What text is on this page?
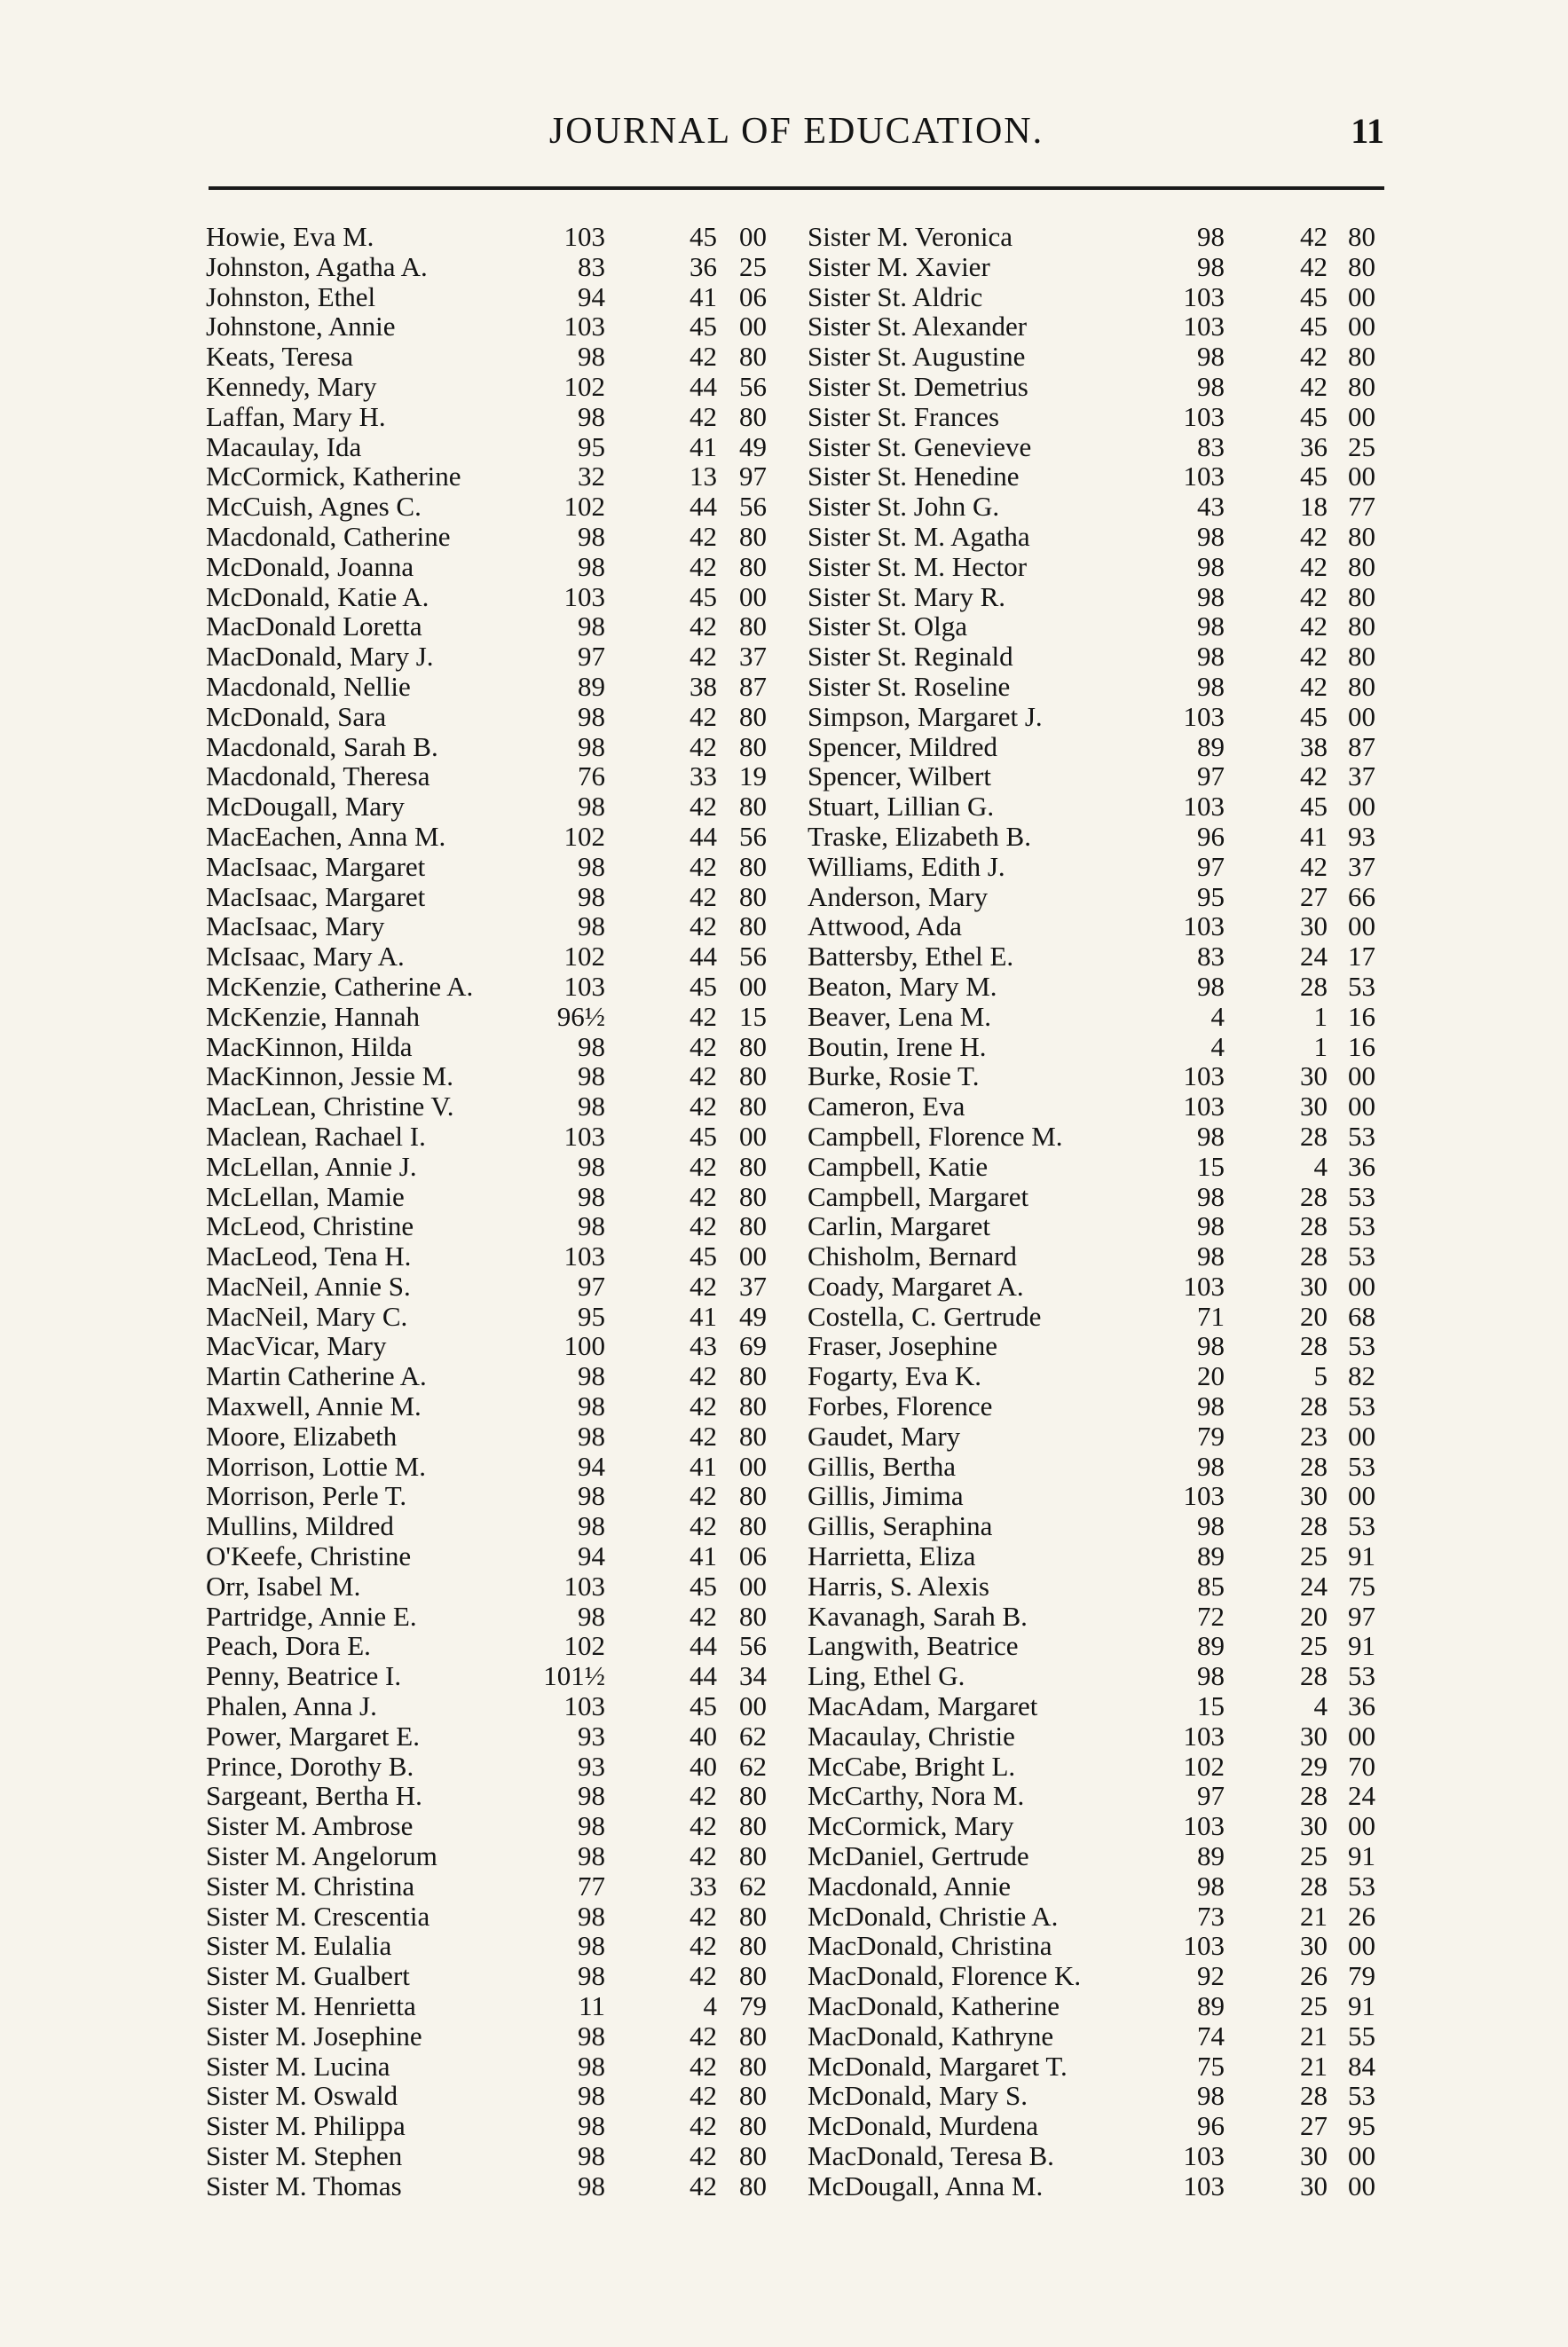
JOURNAL OF EDUCATION.	11
Howie, Eva M.	103	45 00
Johnston, Agatha A.	83	36 25
Johnston, Ethel	94	41 06
Johnstone, Annie	103	45 00
Keats, Teresa	98	42 80
Kennedy, Mary	102	44 56
Laffan, Mary H.	98	42 80
Macaulay, Ida	95	41 49
McCormick, Katherine	32	13 97
McCuish, Agnes C.	102	44 56
Macdonald, Catherine	98	42 80
McDonald, Joanna	98	42 80
McDonald, Katie A.	103	45 00
MacDonald Loretta	98	42 80
MacDonald, Mary J.	97	42 37
Macdonald, Nellie	89	38 87
McDonald, Sara	98	42 80
Macdonald, Sarah B.	98	42 80
Macdonald, Theresa	76	33 19
McDougall, Mary	98	42 80
MacEachen, Anna M.	102	44 56
MacIsaac, Margaret	98	42 80
MacIsaac, Margaret	98	42 80
MacIsaac, Mary	98	42 80
McIsaac, Mary A.	102	44 56
McKenzie, Catherine A.	103	45 00
McKenzie, Hannah	96½	42 15
MacKinnon, Hilda	98	42 80
MacKinnon, Jessie M.	98	42 80
MacLean, Christine V.	98	42 80
Maclean, Rachael I.	103	45 00
McLellan, Annie J.	98	42 80
McLellan, Mamie	98	42 80
McLeod, Christine	98	42 80
MacLeod, Tena H.	103	45 00
MacNeil, Annie S.	97	42 37
MacNeil, Mary C.	95	41 49
MacVicar, Mary	100	43 69
Martin Catherine A.	98	42 80
Maxwell, Annie M.	98	42 80
Moore, Elizabeth	98	42 80
Morrison, Lottie M.	94	41 00
Morrison, Perle T.	98	42 80
Mullins, Mildred	98	42 80
O'Keefe, Christine	94	41 06
Orr, Isabel M.	103	45 00
Partridge, Annie E.	98	42 80
Peach, Dora E.	102	44 56
Penny, Beatrice I.	101½	44 34
Phalen, Anna J.	103	45 00
Power, Margaret E.	93	40 62
Prince, Dorothy B.	93	40 62
Sargeant, Bertha H.	98	42 80
Sister M. Ambrose	98	42 80
Sister M. Angelorum	98	42 80
Sister M. Christina	77	33 62
Sister M. Crescentia	98	42 80
Sister M. Eulalia	98	42 80
Sister M. Gualbert	98	42 80
Sister M. Henrietta	11	4 79
Sister M. Josephine	98	42 80
Sister M. Lucina	98	42 80
Sister M. Oswald	98	42 80
Sister M. Philippa	98	42 80
Sister M. Stephen	98	42 80
Sister M. Thomas	98	42 80
Sister M. Veronica	98	42 80
Sister M. Xavier	98	42 80
Sister St. Aldric	103	45 00
Sister St. Alexander	103	45 00
Sister St. Augustine	98	42 80
Sister St. Demetrius	98	42 80
Sister St. Frances	103	45 00
Sister St. Genevieve	83	36 25
Sister St. Henedine	103	45 00
Sister St. John G.	43	18 77
Sister St. M. Agatha	98	42 80
Sister St. M. Hector	98	42 80
Sister St. Mary R.	98	42 80
Sister St. Olga	98	42 80
Sister St. Reginald	98	42 80
Sister St. Roseline	98	42 80
Simpson, Margaret J.	103	45 00
Spencer, Mildred	89	38 87
Spencer, Wilbert	97	42 37
Stuart, Lillian G.	103	45 00
Traske, Elizabeth B.	96	41 93
Williams, Edith J.	97	42 37
Anderson, Mary	95	27 66
Attwood, Ada	103	30 00
Battersby, Ethel E.	83	24 17
Beaton, Mary M.	98	28 53
Beaver, Lena M.	4	1 16
Boutin, Irene H.	4	1 16
Burke, Rosie T.	103	30 00
Cameron, Eva	103	30 00
Campbell, Florence M.	98	28 53
Campbell, Katie	15	4 36
Campbell, Margaret	98	28 53
Carlin, Margaret	98	28 53
Chisholm, Bernard	98	28 53
Coady, Margaret A.	103	30 00
Costella, C. Gertrude	71	20 68
Fraser, Josephine	98	28 53
Fogarty, Eva K.	20	5 82
Forbes, Florence	98	28 53
Gaudet, Mary	79	23 00
Gillis, Bertha	98	28 53
Gillis, Jimima	103	30 00
Gillis, Seraphina	98	28 53
Harrietta, Eliza	89	25 91
Harris, S. Alexis	85	24 75
Kavanagh, Sarah B.	72	20 97
Langwith, Beatrice	89	25 91
Ling, Ethel G.	98	28 53
MacAdam, Margaret	15	4 36
Macaulay, Christie	103	30 00
McCabe, Bright L.	102	29 70
McCarthy, Nora M.	97	28 24
McCormick, Mary	103	30 00
McDaniel, Gertrude	89	25 91
Macdonald, Annie	98	28 53
McDonald, Christie A.	73	21 26
MacDonald, Christina	103	30 00
MacDonald, Florence K.	92	26 79
MacDonald, Katherine	89	25 91
MacDonald, Kathryne	74	21 55
McDonald, Margaret T.	75	21 84
McDonald, Mary S.	98	28 53
McDonald, Murdena	96	27 95
MacDonald, Teresa B.	103	30 00
McDougall, Anna M.	103	30 00
